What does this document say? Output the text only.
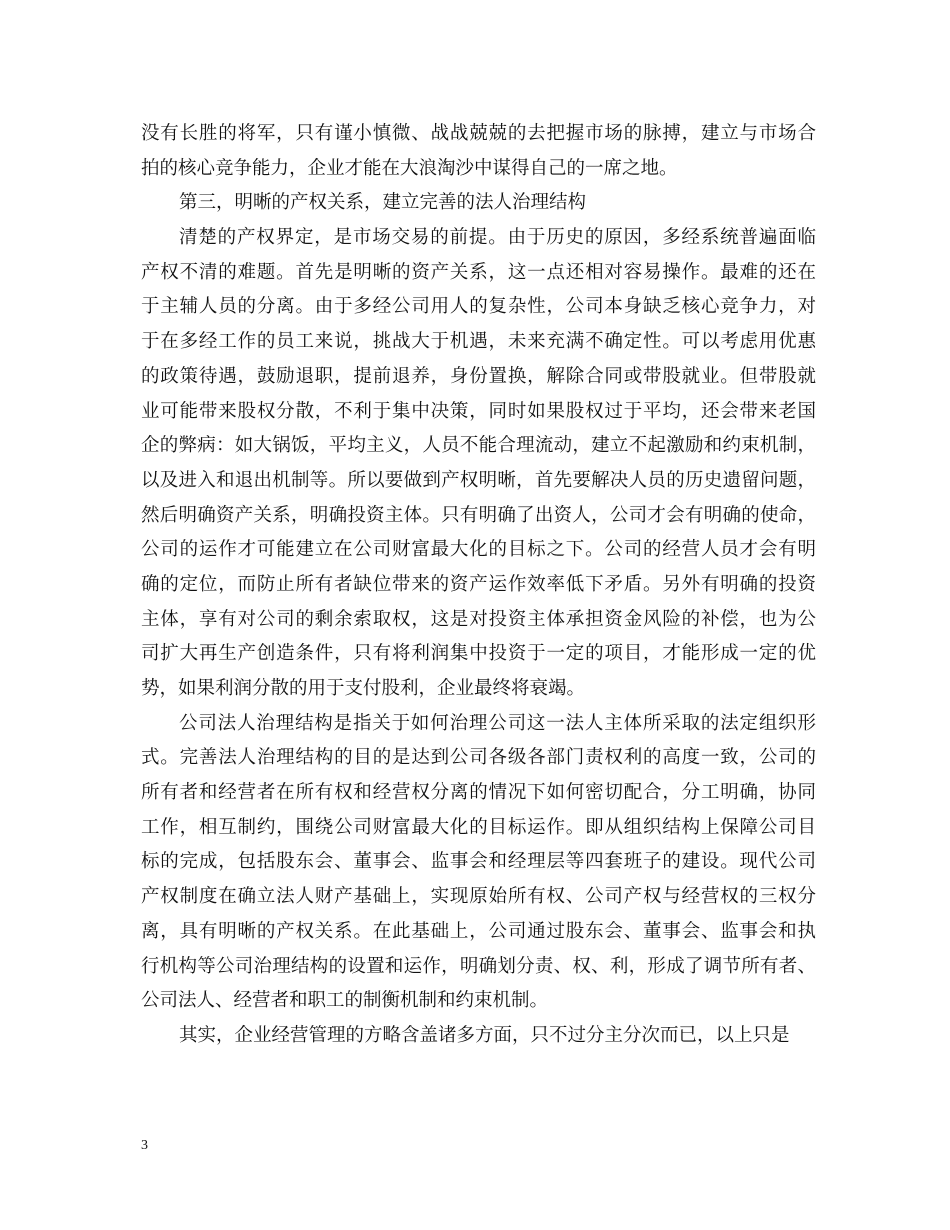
没有长胜的将军，只有谨小慎微、战战兢兢的去把握市场的脉搏，建立与市场合
拍的核心竞争能力，企业才能在大浪淘沙中谋得自己的一席之地。
第三，明晰的产权关系，建立完善的法人治理结构
清楚的产权界定，是市场交易的前提。由于历史的原因，多经系统普遍面临
产权不清的难题。首先是明晰的资产关系，这一点还相对容易操作。最难的还在
于主辅人员的分离。由于多经公司用人的复杂性，公司本身缺乏核心竞争力，对
于在多经工作的员工来说，挑战大于机遇，未来充满不确定性。可以考虑用优惠
的政策待遇，鼓励退职，提前退养，身份置换，解除合同或带股就业。但带股就
业可能带来股权分散，不利于集中决策，同时如果股权过于平均，还会带来老国
企的弊病：如大锅饭，平均主义，人员不能合理流动，建立不起激励和约束机制，
以及进入和退出机制等。所以要做到产权明晰，首先要解决人员的历史遗留问题，
然后明确资产关系，明确投资主体。只有明确了出资人，公司才会有明确的使命，
公司的运作才可能建立在公司财富最大化的目标之下。公司的经营人员才会有明
确的定位，而防止所有者缺位带来的资产运作效率低下矛盾。另外有明确的投资
主体，享有对公司的剩余索取权，这是对投资主体承担资金风险的补偿，也为公
司扩大再生产创造条件，只有将利润集中投资于一定的项目，才能形成一定的优
势，如果利润分散的用于支付股利，企业最终将衰竭。
公司法人治理结构是指关于如何治理公司这一法人主体所采取的法定组织形
式。完善法人治理结构的目的是达到公司各级各部门责权利的高度一致，公司的
所有者和经营者在所有权和经营权分离的情况下如何密切配合，分工明确，协同
工作，相互制约，围绕公司财富最大化的目标运作。即从组织结构上保障公司目
标的完成，包括股东会、董事会、监事会和经理层等四套班子的建设。现代公司
产权制度在确立法人财产基础上，实现原始所有权、公司产权与经营权的三权分
离，具有明晰的产权关系。在此基础上，公司通过股东会、董事会、监事会和执
行机构等公司治理结构的设置和运作，明确划分责、权、利，形成了调节所有者、
公司法人、经营者和职工的制衡机制和约束机制。
其实，企业经营管理的方略含盖诸多方面，只不过分主分次而已，以上只是
3
